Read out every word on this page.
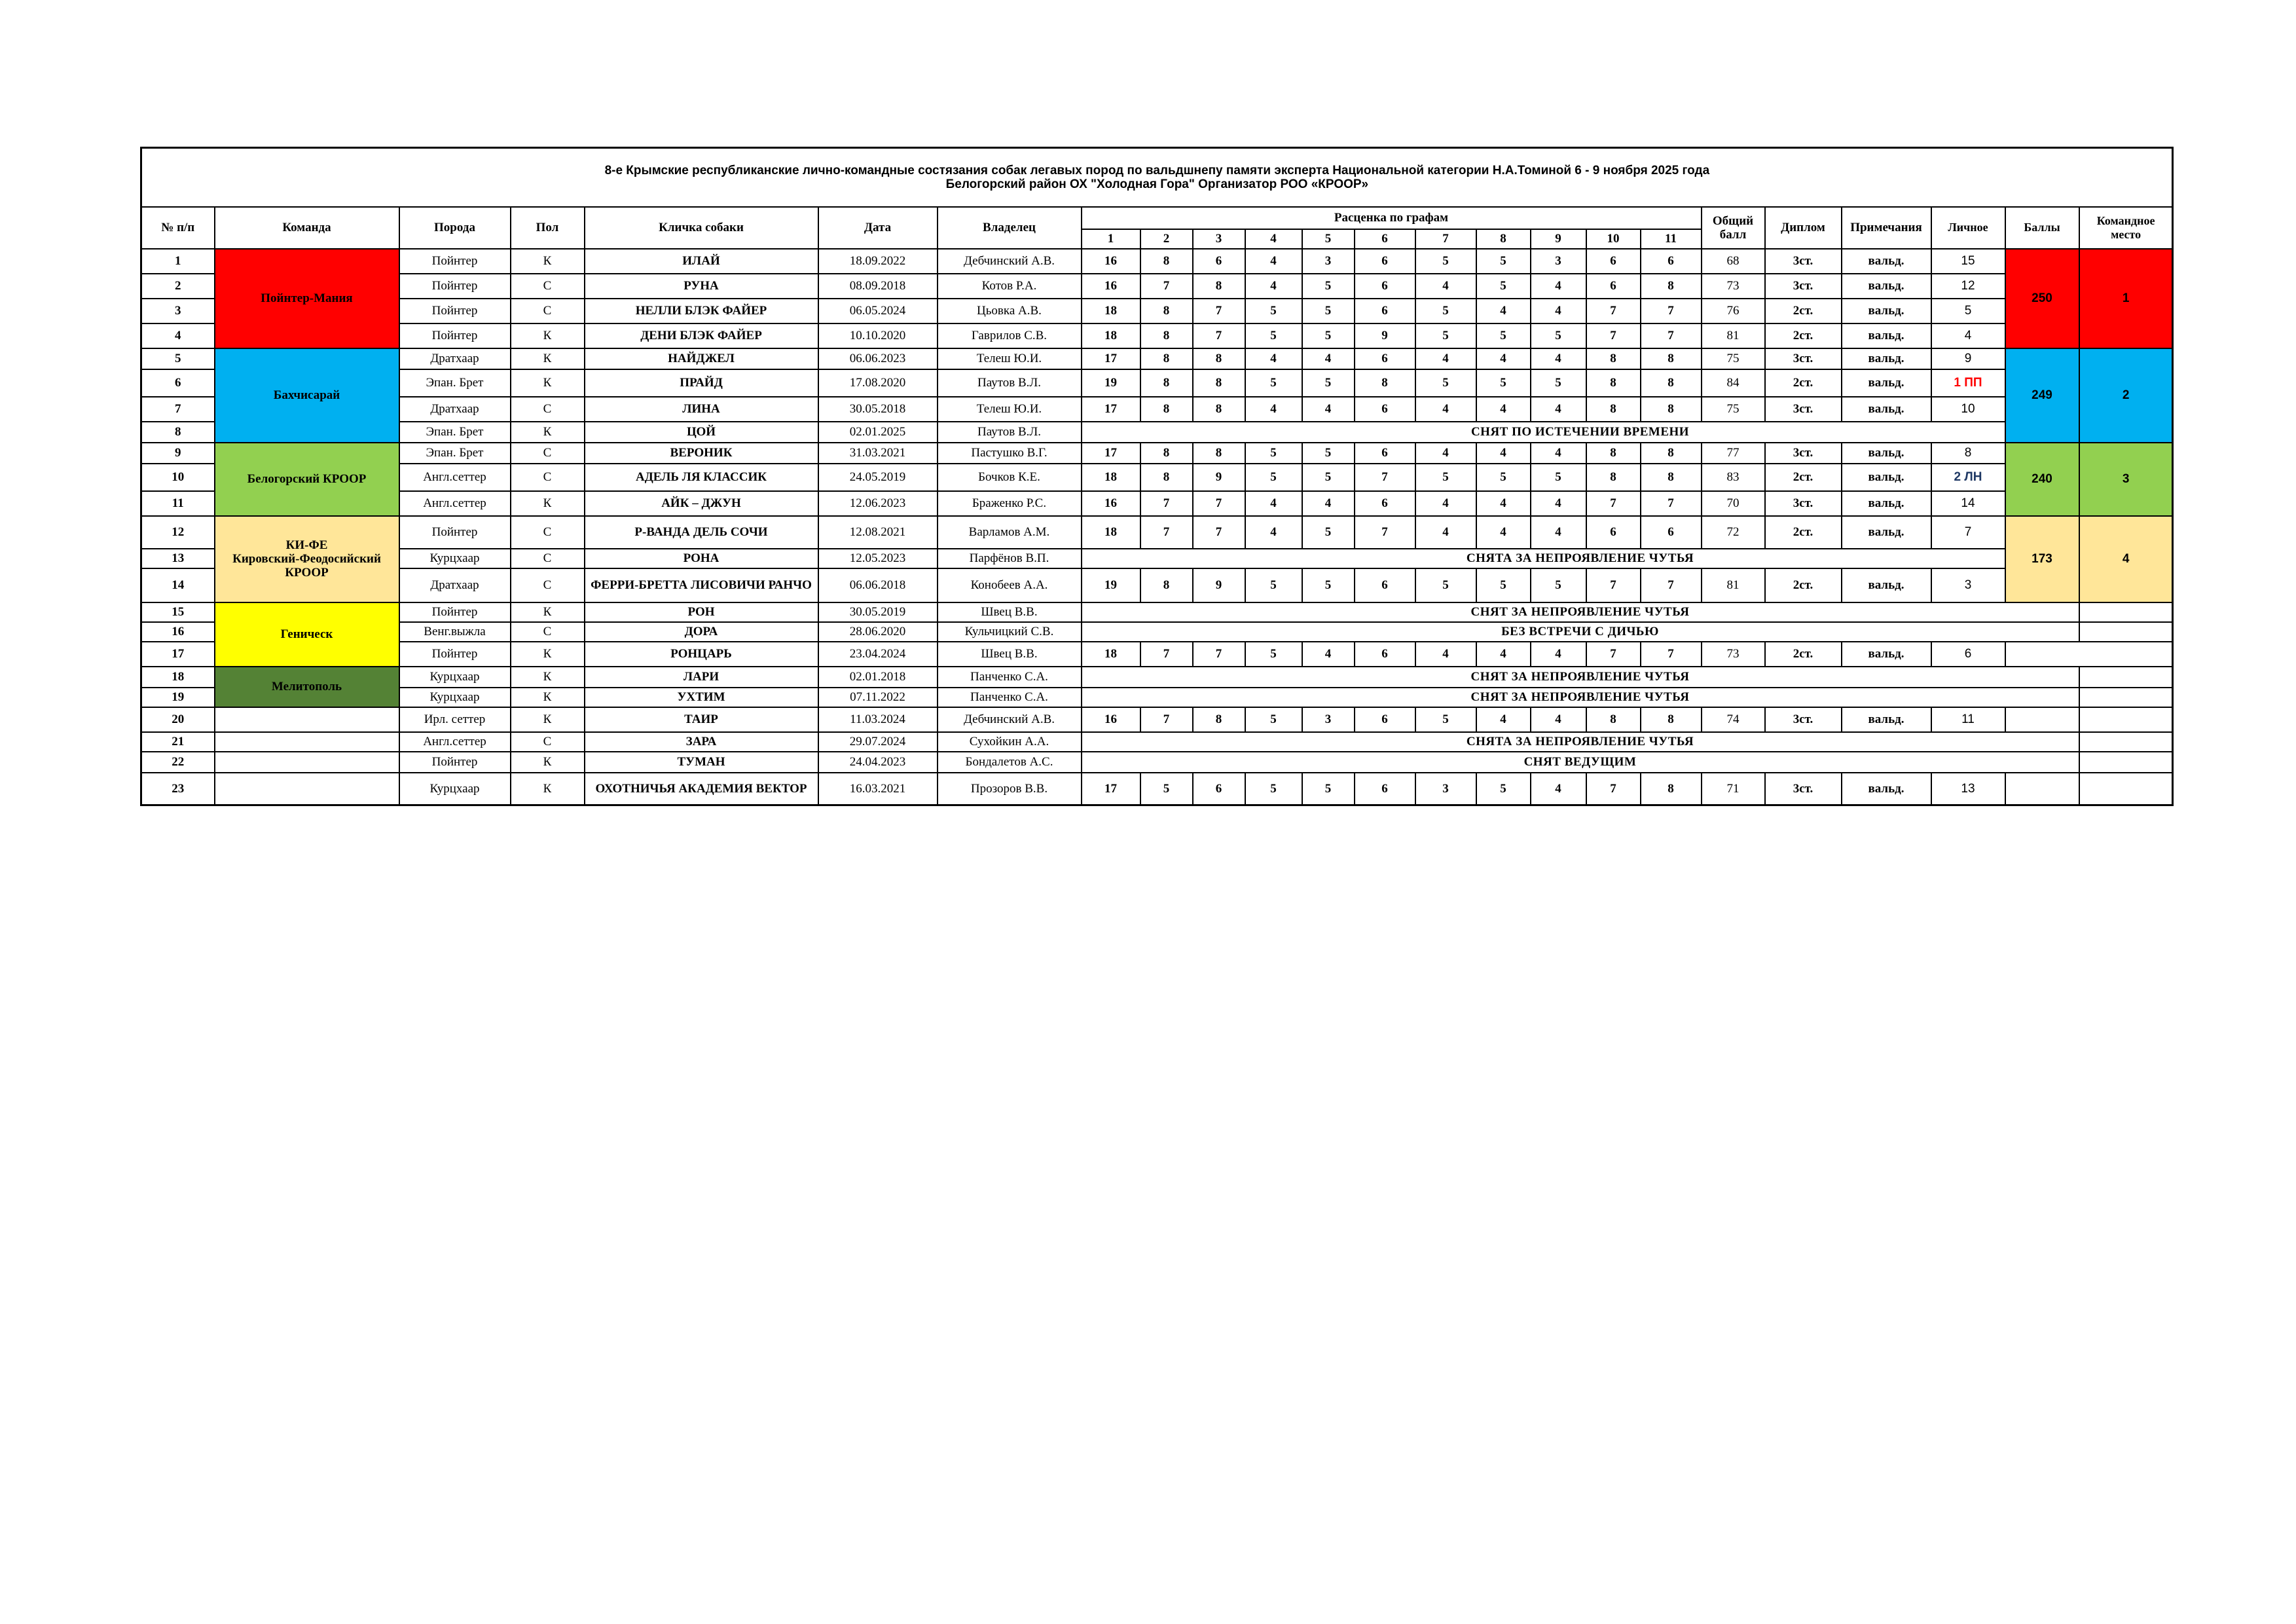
8-е Крымские республиканские лично-командные состязания собак легавых пород по вальдшнепу памяти эксперта Национальной категории Н.А.Томиной 6 - 9 ноября 2025 года
Белогорский район ОХ "Холодная Гора" Организатор РОО «КРООР»																								

№ п/п	Команда	Порода	Пол	Кличка собаки	Дата	Владелец	Расценка по графам											Общий балл	Диплом	Примечания	Личное	Баллы	Командное место	
							1	2	3	4	5	6	7	8	9	10	11							
1	Пойнтер-Мания	Пойнтер	К	ИЛАЙ	18.09.2022	Дебчинский А.В.	16	8	6	4	3	6	5	5	3	6	6	68	3ст.	вальд.	15	250	1	
2		Пойнтер	С	РУНА	08.09.2018	Котов Р.А.	16	7	8	4	5	6	4	5	4	6	8	73	3ст.	вальд.	12			
3		Пойнтер	С	НЕЛЛИ БЛЭК ФАЙЕР	06.05.2024	Цьовка А.В.	18	8	7	5	5	6	5	4	4	7	7	76	2ст.	вальд.	5			
4		Пойнтер	К	ДЕНИ БЛЭК ФАЙЕР	10.10.2020	Гаврилов С.В.	18	8	7	5	5	9	5	5	5	7	7	81	2ст.	вальд.	4			
5	Бахчисарай	Дратхаар	К	НАЙДЖЕЛ	06.06.2023	Телеш Ю.И.	17	8	8	4	4	6	4	4	4	8	8	75	3ст.	вальд.	9	249	2	
6		Эпан. Брет	К	ПРАЙД	17.08.2020	Паутов В.Л.	19	8	8	5	5	8	5	5	5	8	8	84	2ст.	вальд.	1 ПП			
7		Дратхаар	С	ЛИНА	30.05.2018	Телеш Ю.И.	17	8	8	4	4	6	4	4	4	8	8	75	3ст.	вальд.	10			
8		Эпан. Брет	К	ЦОЙ	02.01.2025	Паутов В.Л.	СНЯТ ПО ИСТЕЧЕНИИ ВРЕМЕНИ																	
9	Белогорский КРООР	Эпан. Брет	С	ВЕРОНИК	31.03.2021	Пастушко В.Г.	17	8	8	5	5	6	4	4	4	8	8	77	3ст.	вальд.	8	240	3	
10		Англ.сеттер	С	АДЕЛЬ ЛЯ КЛАССИК	24.05.2019	Бочков К.Е.	18	8	9	5	5	7	5	5	5	8	8	83	2ст.	вальд.	2 ЛН			
11		Англ.сеттер	К	АЙК – ДЖУН	12.06.2023	Браженко Р.С.	16	7	7	4	4	6	4	4	4	7	7	70	3ст.	вальд.	14			
12	КИ-ФЕ
Кировский-Феодосийский КРООР	Пойнтер	С	Р-ВАНДА ДЕЛЬ СОЧИ	12.08.2021	Варламов А.М.	18	7	7	4	5	7	4	4	4	6	6	72	2ст.	вальд.	7	173	4	
13		Курцхаар	С	РОНА	12.05.2023	Парфёнов В.П.	СНЯТА ЗА НЕПРОЯВЛЕНИЕ ЧУТЬЯ																	
14		Дратхаар	С	ФЕРРИ-БРЕТТА ЛИСОВИЧИ РАНЧО	06.06.2018	Конобеев А.А.	19	8	9	5	5	6	5	5	5	7	7	81	2ст.	вальд.	3			
15	Геническ	Пойнтер	К	РОН	30.05.2019	Швец В.В.	СНЯТ ЗА НЕПРОЯВЛЕНИЕ ЧУТЬЯ			
16		Венг.выжла	С	ДОРА	28.06.2020	Кульчицкий С.В.	БЕЗ ВСТРЕЧИ С ДИЧЬЮ																	
17		Пойнтер	К	РОНЦАРЬ	23.04.2024	Швец В.В.	18	7	7	5	4	6	4	4	4	7	7	73	2ст.	вальд.	6			
18	Мелитополь	Курцхаар	К	ЛАРИ	02.01.2018	Панченко С.А.	СНЯТ ЗА НЕПРОЯВЛЕНИЕ ЧУТЬЯ			
19		Курцхаар	К	УХТИМ	07.11.2022	Панченко С.А.	СНЯТ ЗА НЕПРОЯВЛЕНИЕ ЧУТЬЯ																	
20		Ирл. сеттер	К	ТАИР	11.03.2024	Дебчинский А.В.	16	7	8	5	3	6	5	4	4	8	8	74	3ст.	вальд.	11			
21		Англ.сеттер	С	ЗАРА	29.07.2024	Сухойкин А.А.	СНЯТА ЗА НЕПРОЯВЛЕНИЕ ЧУТЬЯ																	
22		Пойнтер	К	ТУМАН	24.04.2023	Бондалетов А.С.	СНЯТ ВЕДУЩИМ																	
23		Курцхаар	К	ОХОТНИЧЬЯ АКАДЕМИЯ ВЕКТОР	16.03.2021	Прозоров В.В.	17	5	6	5	5	6	3	5	4	7	8	71	3ст.	вальд.	13			
